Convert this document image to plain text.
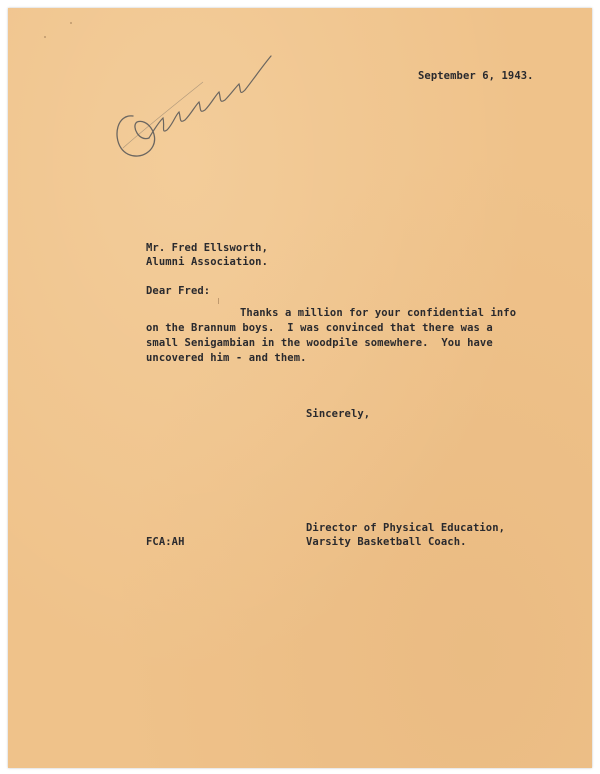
September 6, 1943.
Mr. Fred Ellsworth,
Alumni Association.
Dear Fred:
Thanks a million for your confidential info
on the Brannum boys.  I was convinced that there was a
small Senigambian in the woodpile somewhere.  You have
uncovered him - and them.
Sincerely,
FCA:AH
Director of Physical Education,
Varsity Basketball Coach.
